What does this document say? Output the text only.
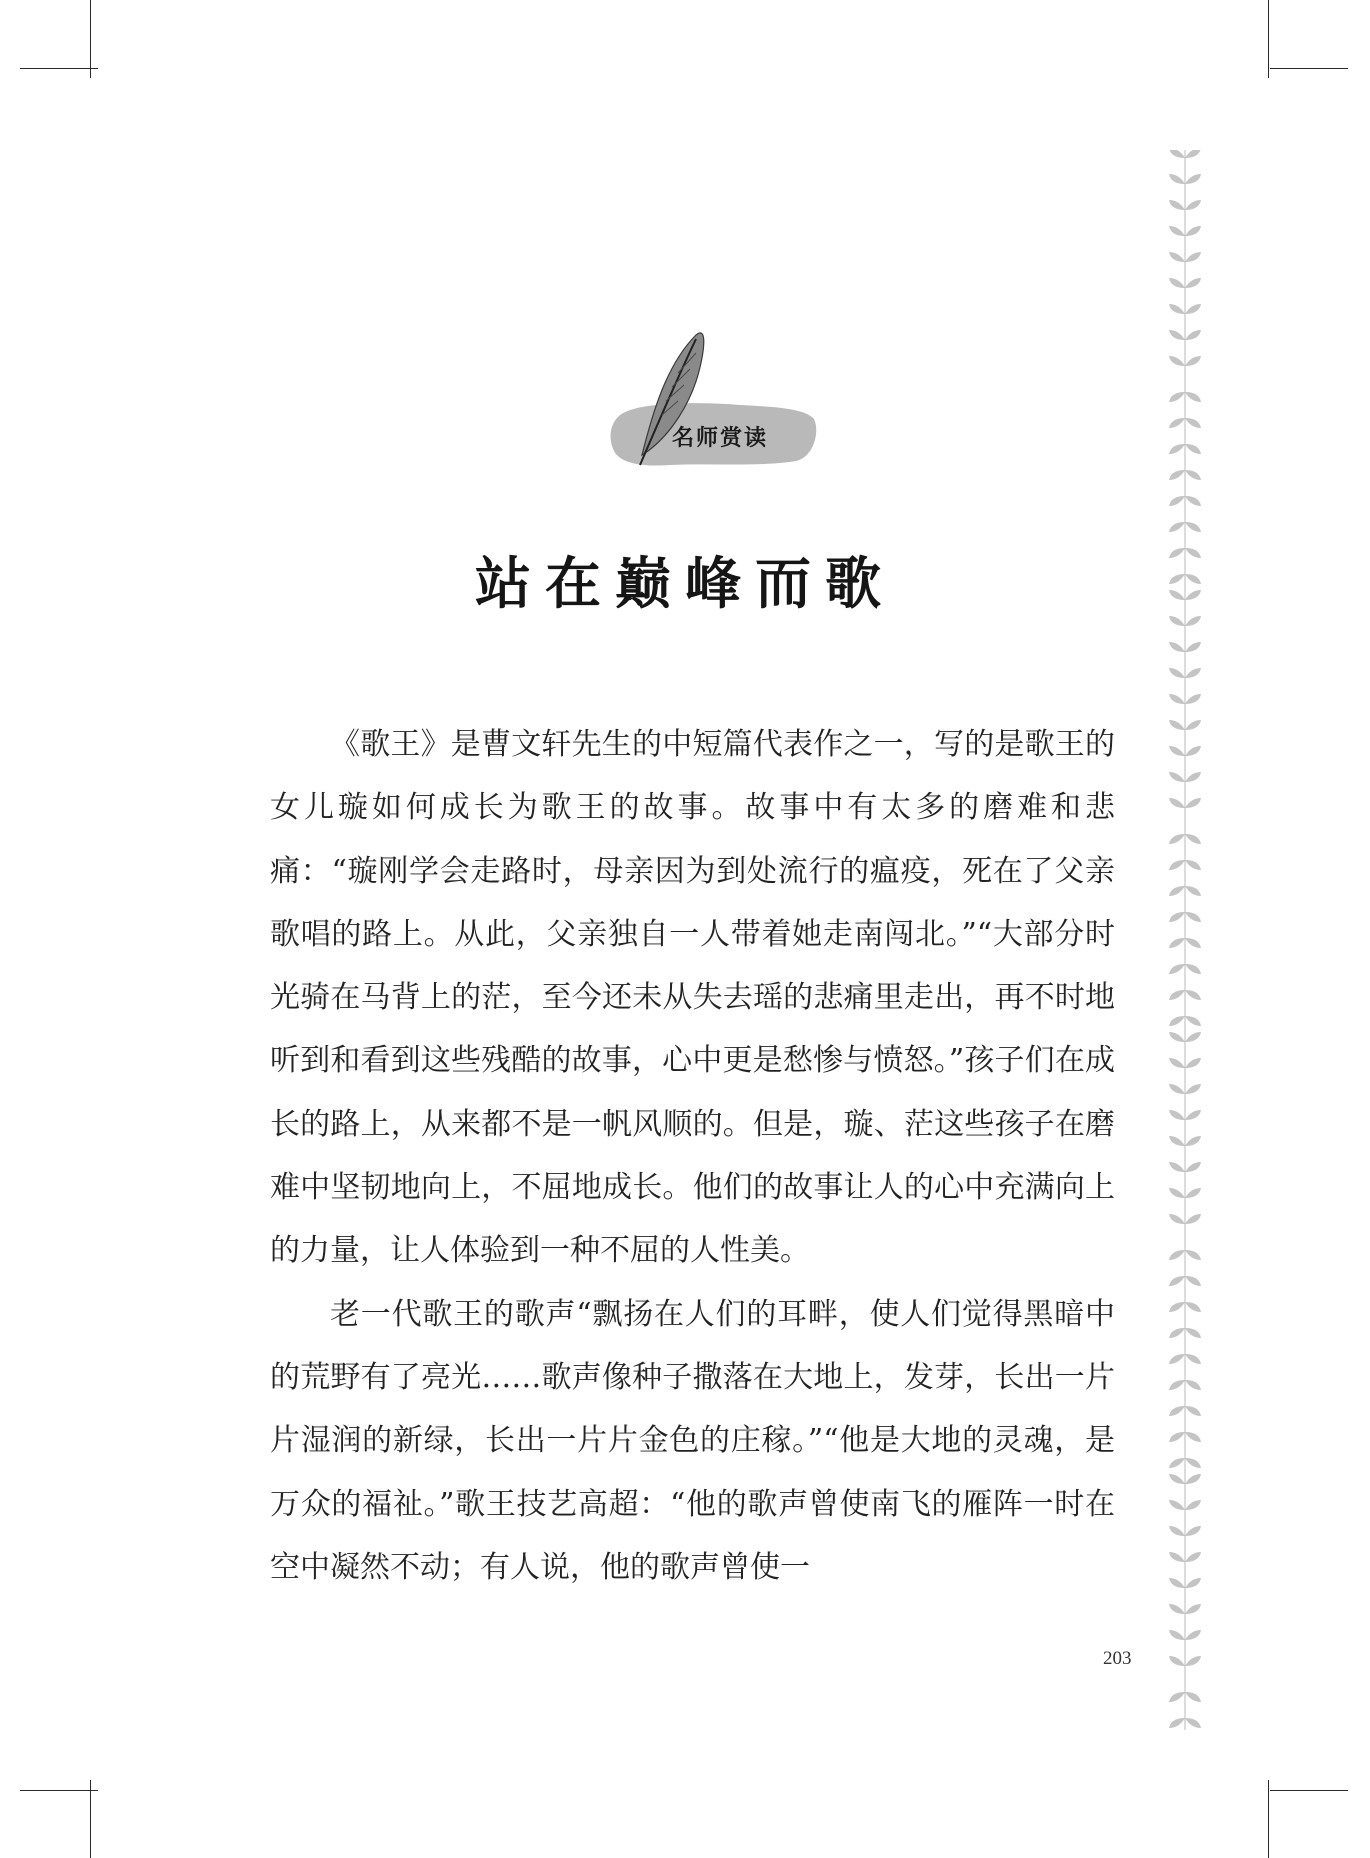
名师赏读
站在巅峰而歌

《歌王》是曹文轩先生的中短篇代表作之一，写的是歌王的女儿璇如何成长为歌王的故事。故事中有太多的磨难和悲痛：“璇刚学会走路时，母亲因为到处流行的瘟疫，死在了父亲歌唱的路上。从此，父亲独自一人带着她走南闯北。”“大部分时光骑在马背上的茫，至今还未从失去瑶的悲痛里走出，再不时地听到和看到这些残酷的故事，心中更是愁惨与愤怒。”孩子们在成长的路上，从来都不是一帆风顺的。但是，璇、茫这些孩子在磨难中坚韧地向上，不屈地成长。他们的故事让人的心中充满向上的力量，让人体验到一种不屈的人性美。

老一代歌王的歌声“飘扬在人们的耳畔，使人们觉得黑暗中的荒野有了亮光……歌声像种子撒落在大地上，发芽，长出一片片湿润的新绿，长出一片片金色的庄稼。”“他是大地的灵魂，是万众的福祉。”歌王技艺高超：“他的歌声曾使南飞的雁阵一时在空中凝然不动；有人说，他的歌声曾使一

203
